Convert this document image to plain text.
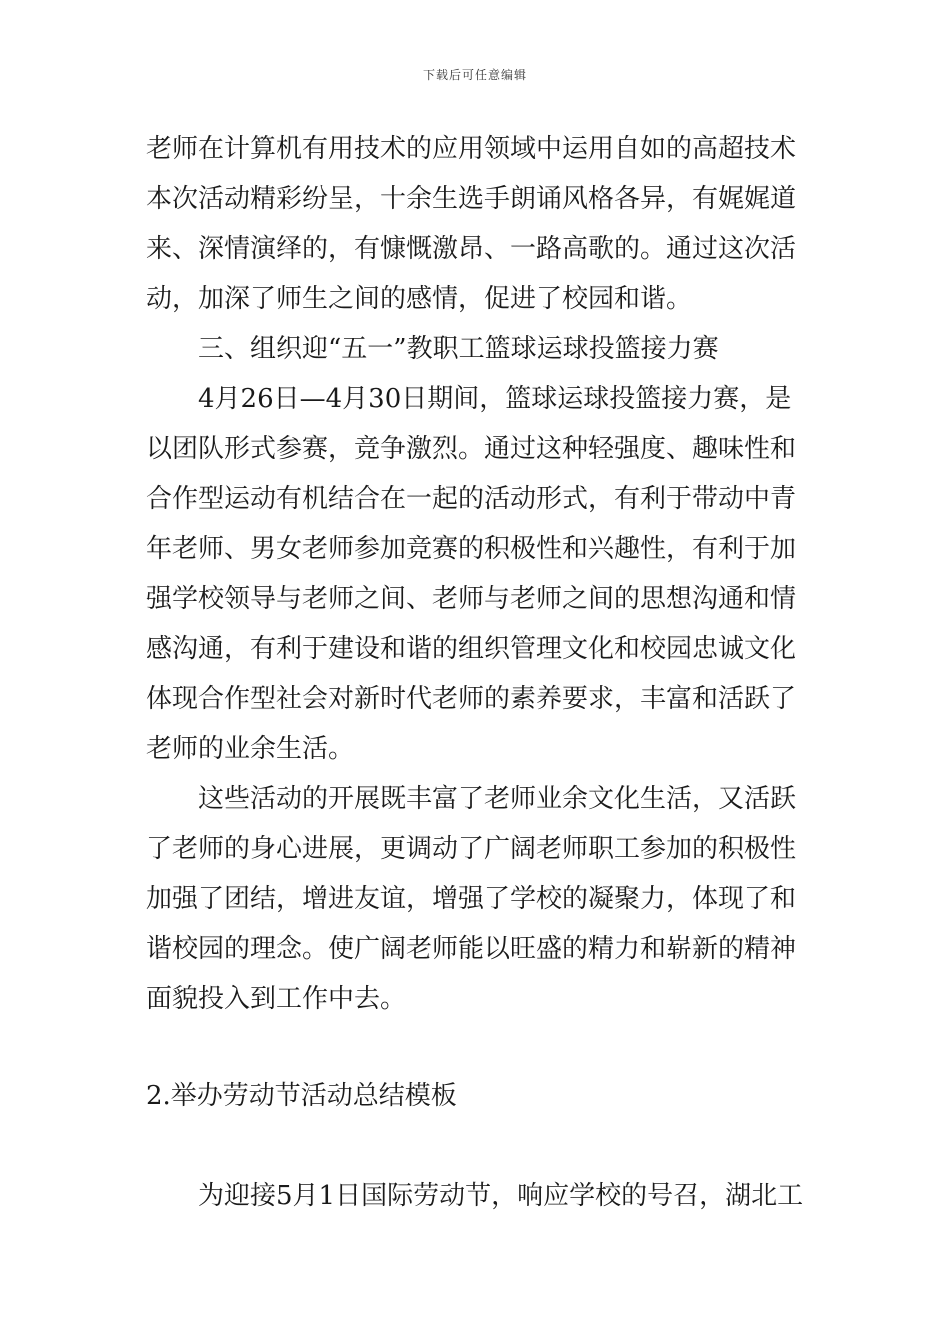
下载后可任意编辑
老师在计算机有用技术的应用领域中运用自如的高超技术
本次活动精彩纷呈，十余生选手朗诵风格各异，有娓娓道
来、深情演绎的，有慷慨激昂、一路高歌的。通过这次活
动，加深了师生之间的感情，促进了校园和谐。
三、组织迎“五一”教职工篮球运球投篮接力赛
4月26日—4月30日期间，篮球运球投篮接力赛，是
以团队形式参赛，竞争激烈。通过这种轻强度、趣味性和
合作型运动有机结合在一起的活动形式，有利于带动中青
年老师、男女老师参加竞赛的积极性和兴趣性，有利于加
强学校领导与老师之间、老师与老师之间的思想沟通和情
感沟通，有利于建设和谐的组织管理文化和校园忠诚文化
体现合作型社会对新时代老师的素养要求，丰富和活跃了
老师的业余生活。
这些活动的开展既丰富了老师业余文化生活，又活跃
了老师的身心进展，更调动了广阔老师职工参加的积极性
加强了团结，增进友谊，增强了学校的凝聚力，体现了和
谐校园的理念。使广阔老师能以旺盛的精力和崭新的精神
面貌投入到工作中去。
2.举办劳动节活动总结模板
为迎接5月1日国际劳动节，响应学校的号召，湖北工
